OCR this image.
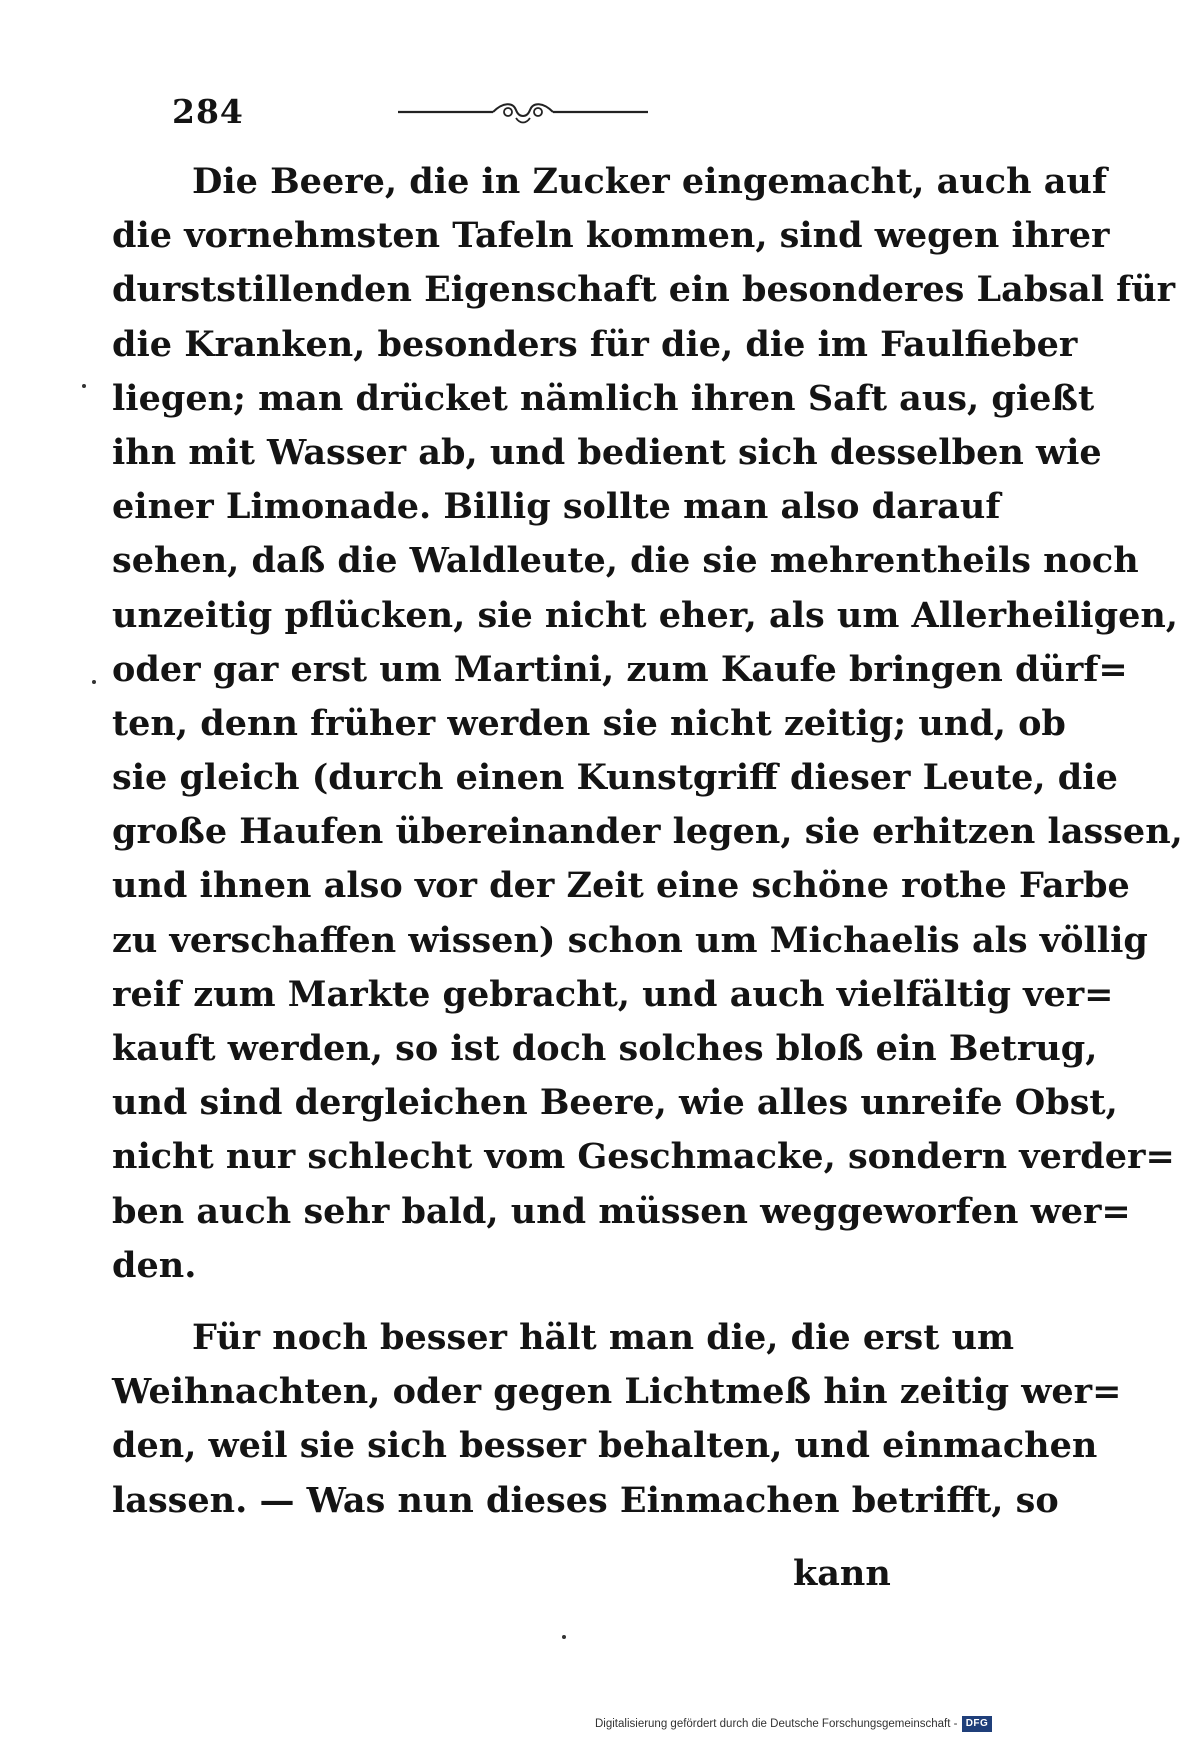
284
Die Beere, die in Zucker eingemacht, auch auf
die vornehmsten Tafeln kommen, sind wegen ihrer
durststillenden Eigenschaft ein besonderes Labsal für
die Kranken, besonders für die, die im Faulfieber
liegen; man drücket nämlich ihren Saft aus, gießt
ihn mit Wasser ab, und bedient sich desselben wie
einer Limonade. Billig sollte man also darauf
sehen, daß die Waldleute, die sie mehrentheils noch
unzeitig pflücken, sie nicht eher, als um Allerheiligen,
oder gar erst um Martini, zum Kaufe bringen dürf=
ten, denn früher werden sie nicht zeitig; und, ob
sie gleich (durch einen Kunstgriff dieser Leute, die
große Haufen übereinander legen, sie erhitzen lassen,
und ihnen also vor der Zeit eine schöne rothe Farbe
zu verschaffen wissen) schon um Michaelis als völlig
reif zum Markte gebracht, und auch vielfältig ver=
kauft werden, so ist doch solches bloß ein Betrug,
und sind dergleichen Beere, wie alles unreife Obst,
nicht nur schlecht vom Geschmacke, sondern verder=
ben auch sehr bald, und müssen weggeworfen wer=
den.
Für noch besser hält man die, die erst um
Weihnachten, oder gegen Lichtmeß hin zeitig wer=
den, weil sie sich besser behalten, und einmachen
lassen. — Was nun dieses Einmachen betrifft, so
kann
Digitalisierung gefördert durch die Deutsche Forschungsgemeinschaft - DFG
